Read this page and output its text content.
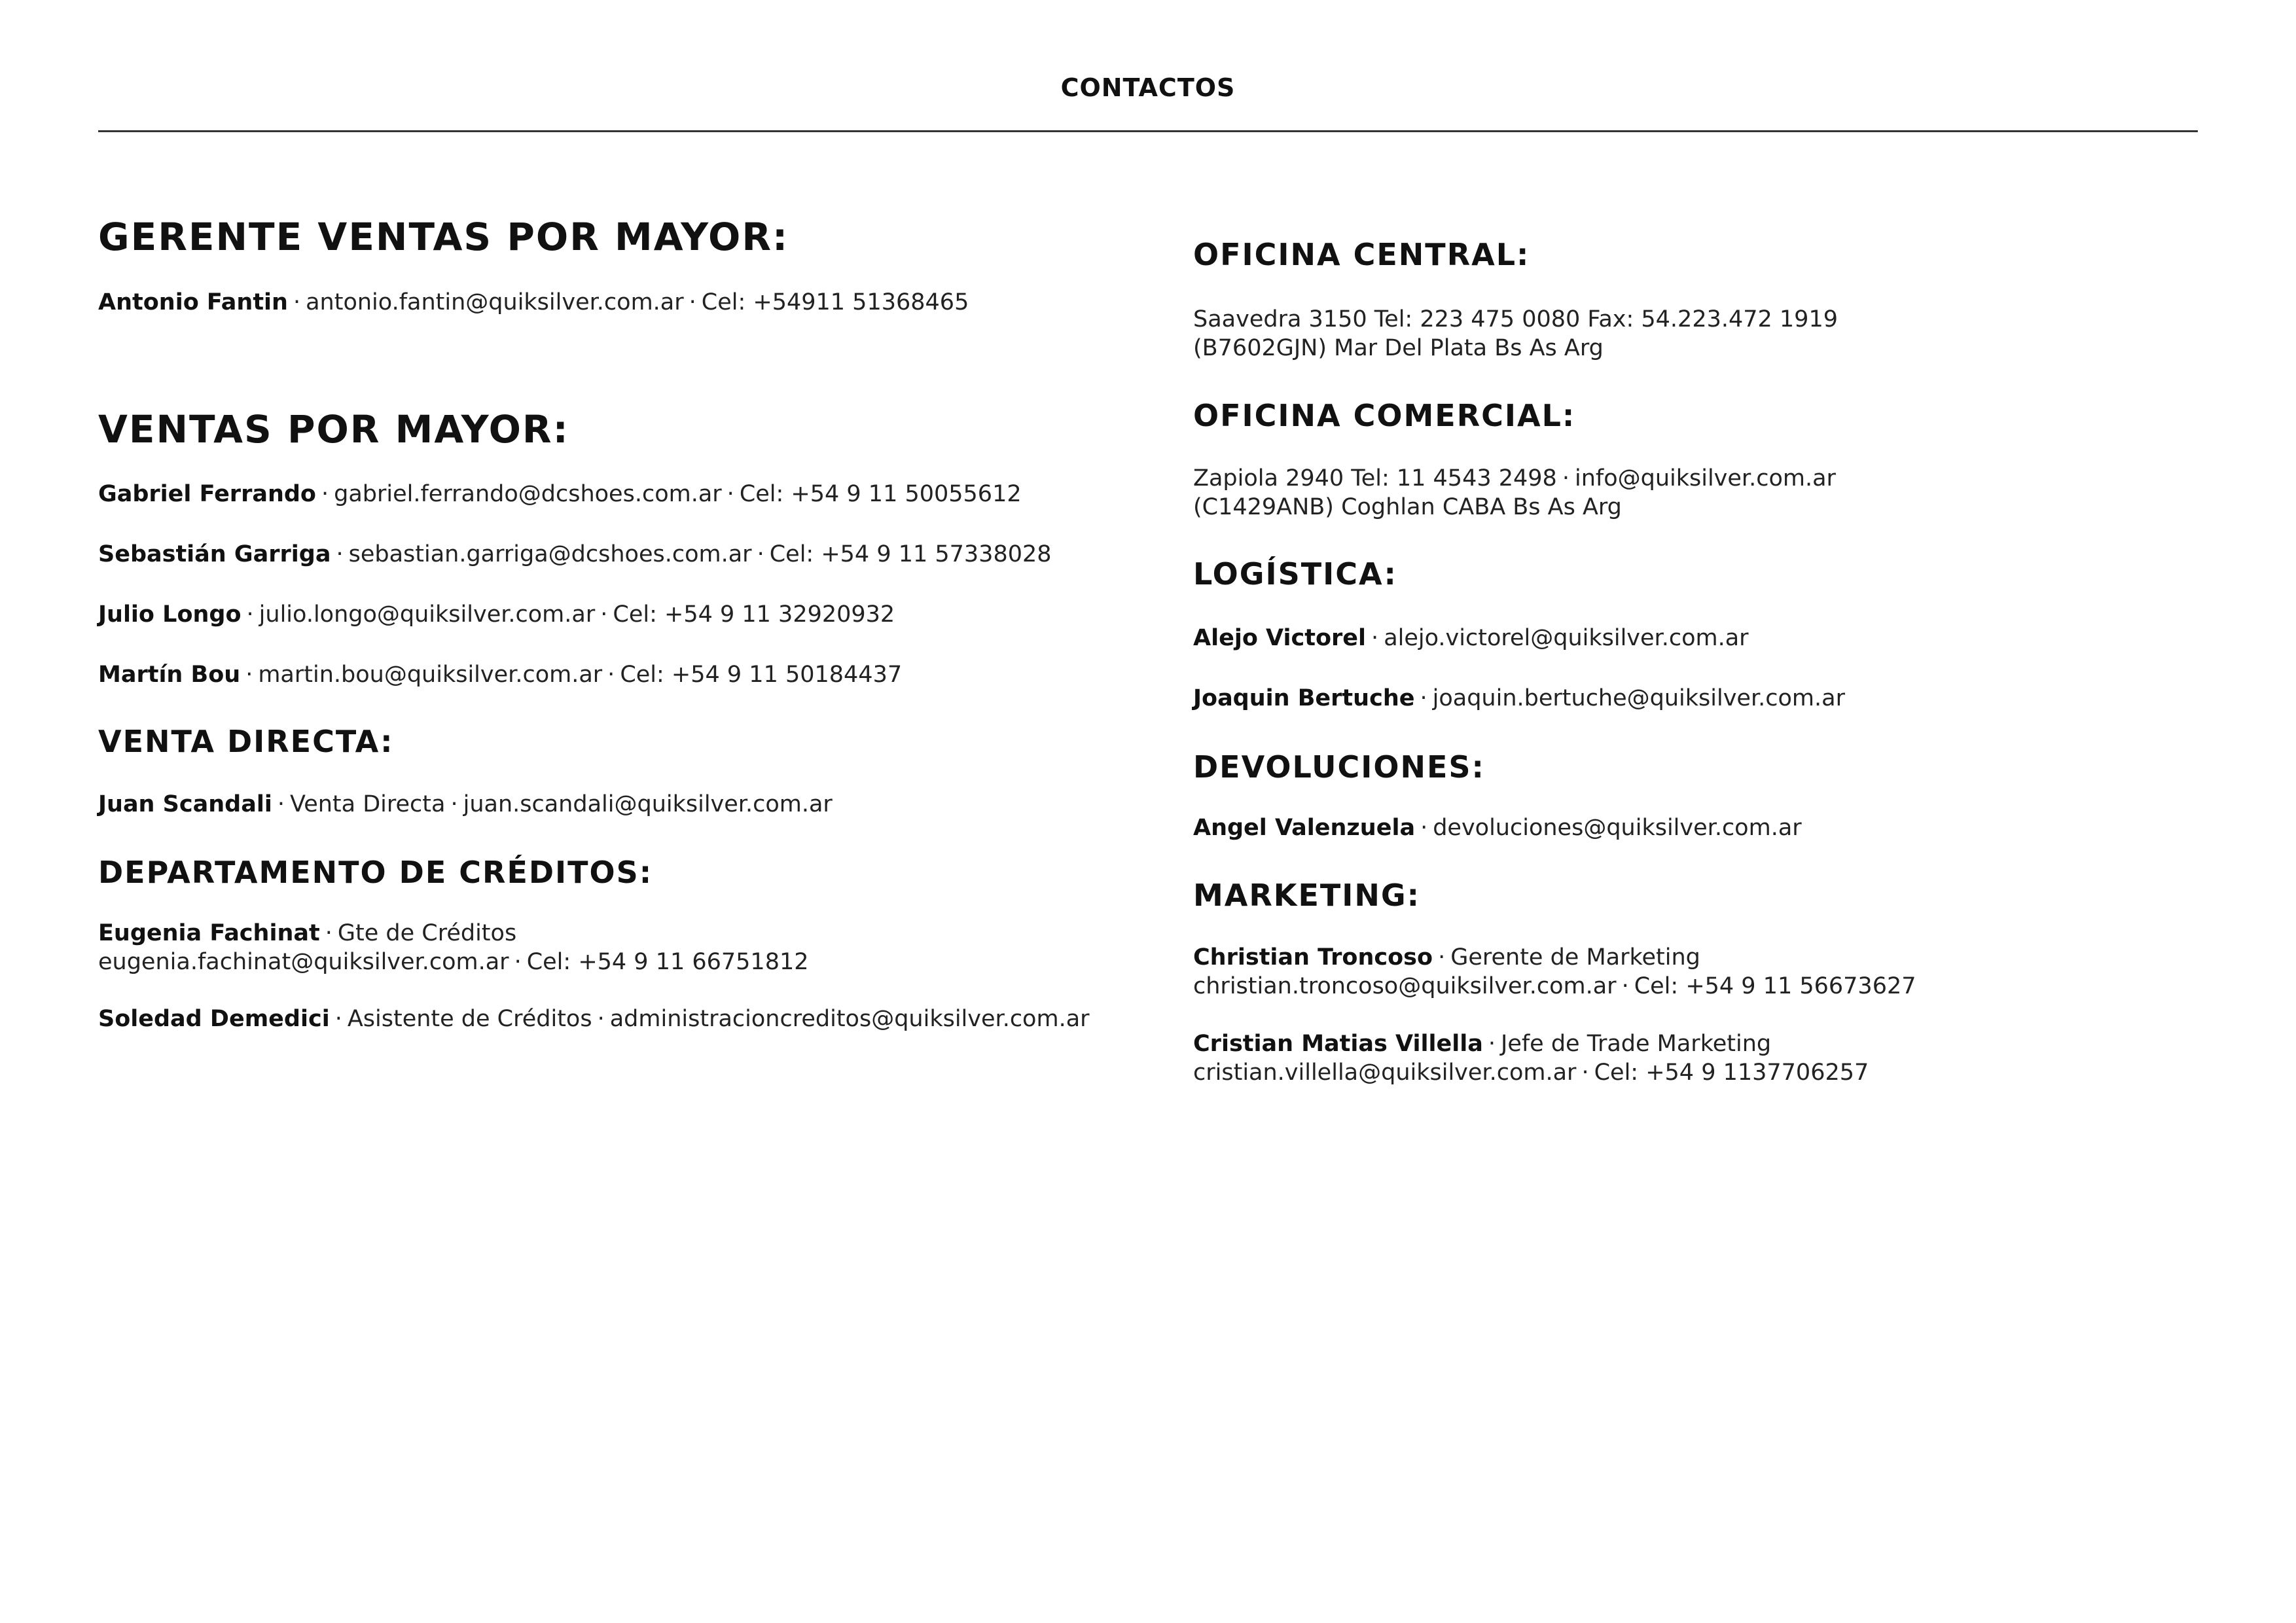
CONTACTOS
GERENTE VENTAS POR MAYOR:
Antonio Fantin · antonio.fantin@quiksilver.com.ar · Cel: +54911 51368465
VENTAS POR MAYOR:
Gabriel Ferrando · gabriel.ferrando@dcshoes.com.ar · Cel: +54 9 11 50055612
Sebastián Garriga · sebastian.garriga@dcshoes.com.ar · Cel: +54 9 11 57338028
Julio Longo · julio.longo@quiksilver.com.ar · Cel: +54 9 11 32920932
Martín Bou · martin.bou@quiksilver.com.ar · Cel: +54 9 11 50184437
VENTA DIRECTA:
Juan Scandali · Venta Directa · juan.scandali@quiksilver.com.ar
DEPARTAMENTO DE CRÉDITOS:
Eugenia Fachinat · Gte de Créditos
eugenia.fachinat@quiksilver.com.ar · Cel: +54 9 11 66751812
Soledad Demedici · Asistente de Créditos · administracioncreditos@quiksilver.com.ar
OFICINA CENTRAL:
Saavedra 3150 Tel: 223 475 0080 Fax: 54.223.472 1919
(B7602GJN) Mar Del Plata Bs As Arg
OFICINA COMERCIAL:
Zapiola 2940 Tel: 11 4543 2498 · info@quiksilver.com.ar
(C1429ANB) Coghlan CABA Bs As Arg
LOGÍSTICA:
Alejo Victorel · alejo.victorel@quiksilver.com.ar
Joaquin Bertuche · joaquin.bertuche@quiksilver.com.ar
DEVOLUCIONES:
Angel Valenzuela · devoluciones@quiksilver.com.ar
MARKETING:
Christian Troncoso · Gerente de Marketing
christian.troncoso@quiksilver.com.ar · Cel: +54 9 11 56673627
Cristian Matias Villella · Jefe de Trade Marketing
cristian.villella@quiksilver.com.ar · Cel: +54 9 1137706257
